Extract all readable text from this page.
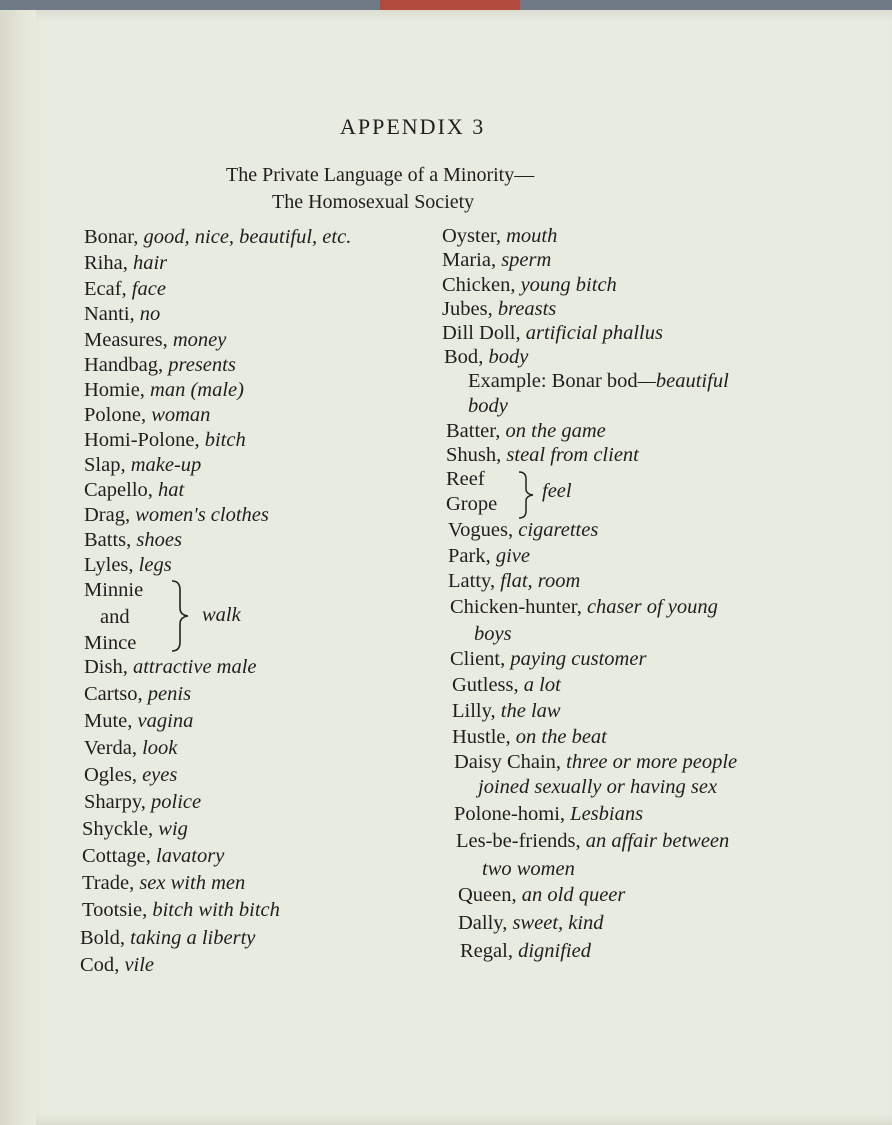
APPENDIX 3
The Private Language of a Minority—
The Homosexual Society
Bonar, good, nice, beautiful, etc.
Riha, hair
Ecaf, face
Nanti, no
Measures, money
Handbag, presents
Homie, man (male)
Polone, woman
Homi-Polone, bitch
Slap, make-up
Capello, hat
Drag, women's clothes
Batts, shoes
Lyles, legs
Minnie
and
Mince
walk
Dish, attractive male
Cartso, penis
Mute, vagina
Verda, look
Ogles, eyes
Sharpy, police
Shyckle, wig
Cottage, lavatory
Trade, sex with men
Tootsie, bitch with bitch
Bold, taking a liberty
Cod, vile
Oyster, mouth
Maria, sperm
Chicken, young bitch
Jubes, breasts
Dill Doll, artificial phallus
Bod, body
Example: Bonar bod—beautiful
body
Batter, on the game
Shush, steal from client
Reef
Grope
feel
Vogues, cigarettes
Park, give
Latty, flat, room
Chicken-hunter, chaser of young
boys
Client, paying customer
Gutless, a lot
Lilly, the law
Hustle, on the beat
Daisy Chain, three or more people
joined sexually or having sex
Polone-homi, Lesbians
Les-be-friends, an affair between
two women
Queen, an old queer
Dally, sweet, kind
Regal, dignified
